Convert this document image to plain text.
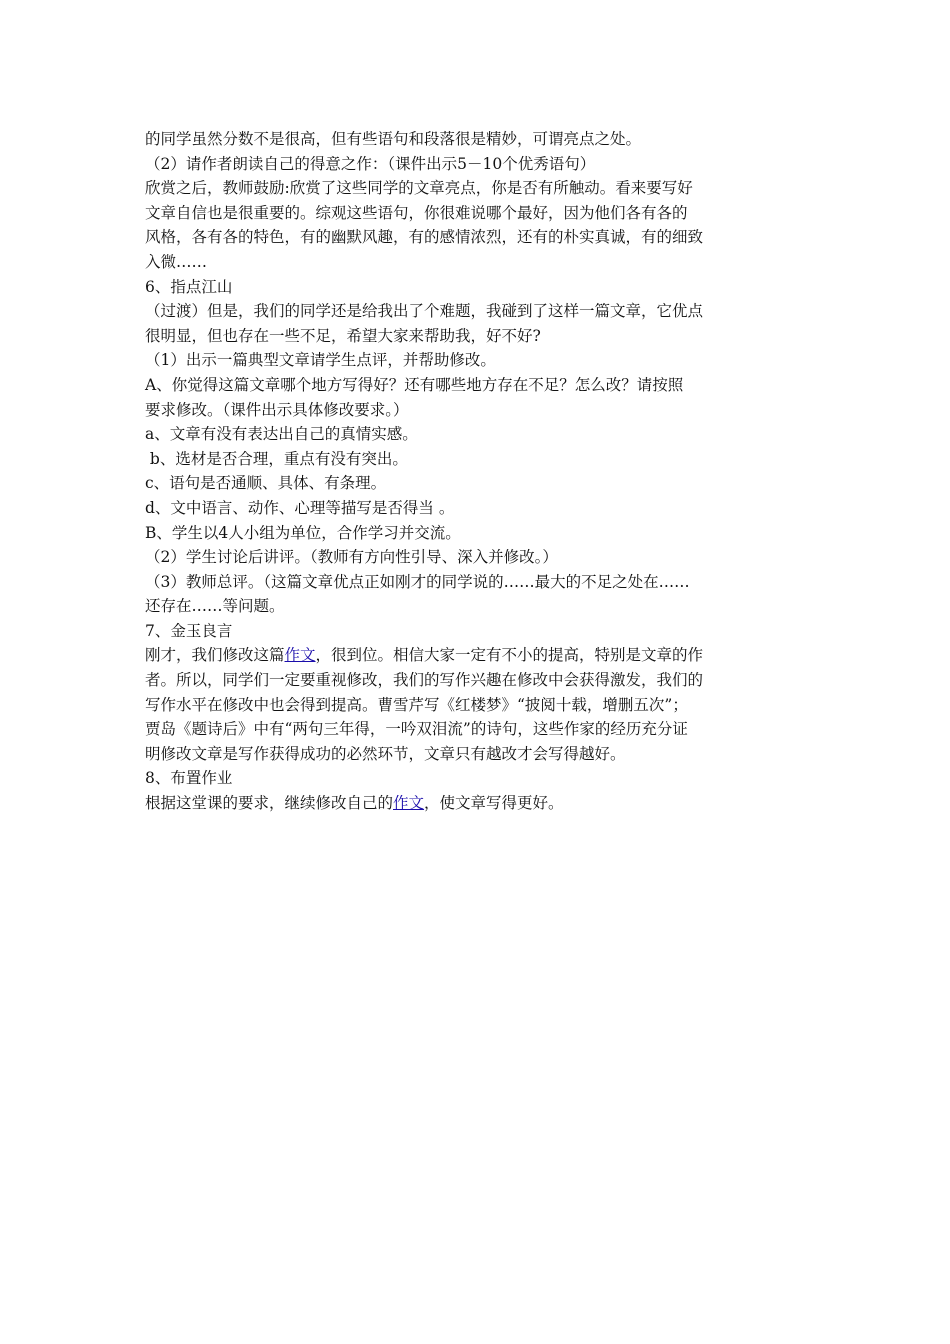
的同学虽然分数不是很高，但有些语句和段落很是精妙，可谓亮点之处。
（2）请作者朗读自己的得意之作：（课件出示5－10个优秀语句）
欣赏之后，教师鼓励:欣赏了这些同学的文章亮点，你是否有所触动。看来要写好
文章自信也是很重要的。综观这些语句，你很难说哪个最好，因为他们各有各的
风格，各有各的特色，有的幽默风趣，有的感情浓烈，还有的朴实真诚，有的细致
入微……
6、指点江山
（过渡）但是，我们的同学还是给我出了个难题，我碰到了这样一篇文章，它优点
很明显，但也存在一些不足，希望大家来帮助我，好不好?
（1）出示一篇典型文章请学生点评，并帮助修改。
A、你觉得这篇文章哪个地方写得好？还有哪些地方存在不足？怎么改？请按照
要求修改。（课件出示具体修改要求。）
a、文章有没有表达出自己的真情实感。
b、选材是否合理，重点有没有突出。
c、语句是否通顺、具体、有条理。
d、文中语言、动作、心理等描写是否得当 。
B、学生以4人小组为单位，合作学习并交流。
（2）学生讨论后讲评。（教师有方向性引导、深入并修改。）
（3）教师总评。（这篇文章优点正如刚才的同学说的……最大的不足之处在……
还存在……等问题。
7、金玉良言
刚才，我们修改这篇作文，很到位。相信大家一定有不小的提高，特别是文章的作
者。所以，同学们一定要重视修改，我们的写作兴趣在修改中会获得激发，我们的
写作水平在修改中也会得到提高。曹雪芹写《红楼梦》“披阅十载，增删五次”；
贾岛《题诗后》中有“两句三年得，一吟双泪流”的诗句，这些作家的经历充分证
明修改文章是写作获得成功的必然环节，文章只有越改才会写得越好。
8、布置作业
根据这堂课的要求，继续修改自己的作文，使文章写得更好。
